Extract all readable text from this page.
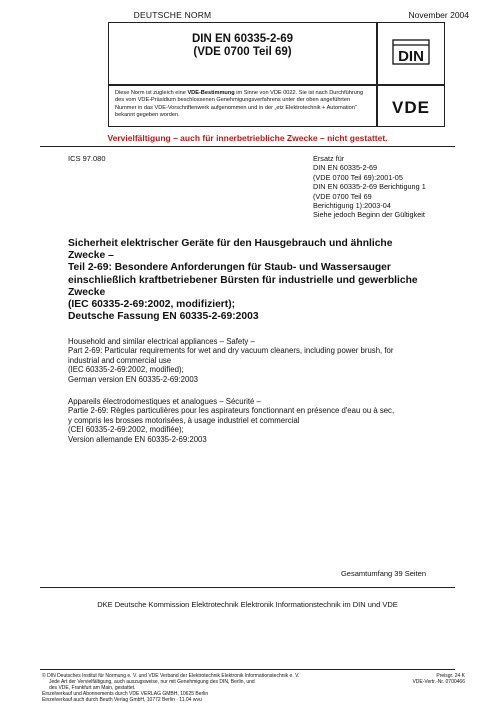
DEUTSCHE NORM	November 2004
DIN EN 60335-2-69
(VDE 0700 Teil 69)	DIN
Diese Norm ist zugleich eine VDE-Bestimmung im Sinne von VDE 0022. Sie ist nach Durchführung des vom VDE-Präsidium beschlossenen Genehmigungsverfahrens unter der oben angeführten Nummer in das VDE-Vorschriftenwerk aufgenommen und in der „etz Elektrotechnik + Automation“ bekannt gegeben worden.	VDE
Vervielfältigung – auch für innerbetriebliche Zwecke – nicht gestattet.
ICS 97.080	Ersatz für
DIN EN 60335-2-69
(VDE 0700 Teil 69):2001-05
DIN EN 60335-2-69 Berichtigung 1
(VDE 0700 Teil 69
Berichtigung 1):2003-04
Siehe jedoch Beginn der Gültigkeit
Sicherheit elektrischer Geräte für den Hausgebrauch und ähnliche
Zwecke –
Teil 2-69: Besondere Anforderungen für Staub- und Wassersauger
einschließlich kraftbetriebener Bürsten für industrielle und gewerbliche
Zwecke
(IEC 60335-2-69:2002, modifiziert);
Deutsche Fassung EN 60335-2-69:2003
Household and similar electrical appliances – Safety –
Part 2-69: Particular requirements for wet and dry vacuum cleaners, including power brush, for
industrial and commercial use
(IEC 60335-2-69:2002, modified);
German version EN 60335-2-69:2003
Appareils électrodomestiques et analogues – Sécurité –
Partie 2-69: Règles particulières pour les aspirateurs fonctionnant en présence d'eau ou à sec,
y compris les brosses motorisées, à usage industriel et commercial
(CEI 60335-2-69:2002, modifiée);
Version allemande EN 60335-2-69:2003
Gesamtumfang 39 Seiten
DKE Deutsche Kommission Elektrotechnik Elektronik Informationstechnik im DIN und VDE
© DIN Deutsches Institut für Normung e. V. und VDE Verband der Elektrotechnik Elektronik Informationstechnik e. V.
Jede Art der Vervielfältigung, auch auszugsweise, nur mit Genehmigung des DIN, Berlin, und
des VDE, Frankfurt am Main, gestattet.
Einzelverkauf und Abonnements durch VDE VERLAG GMBH, 10625 Berlin
Einzelverkauf auch durch Beuth Verlag GmbH, 10772 Berlin · 11.04 wvu
Preisgr. 24 K
VDE-Vertr.-Nr. 0700466
